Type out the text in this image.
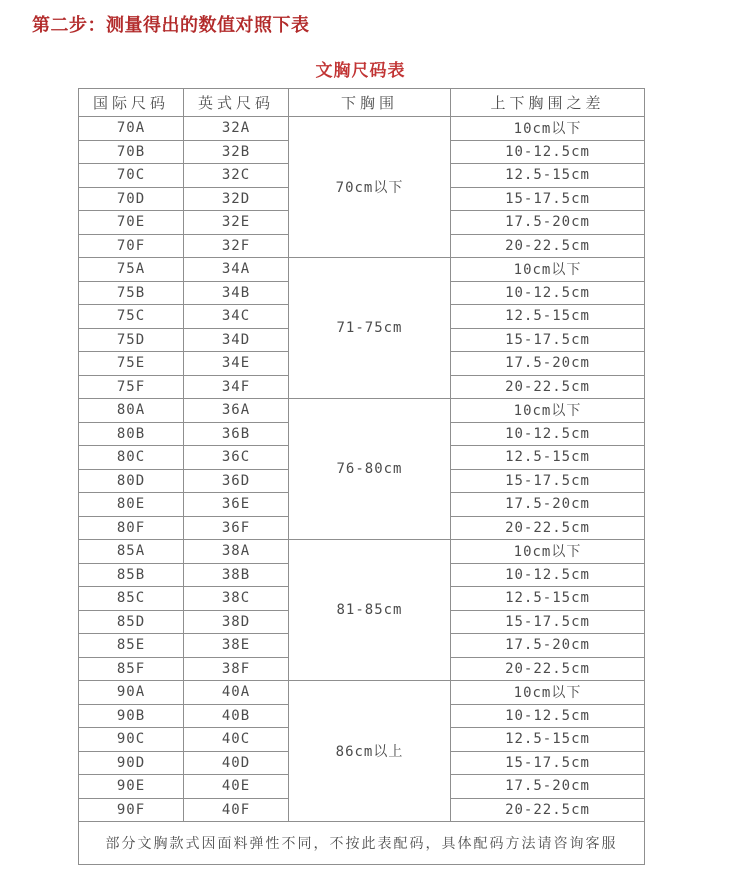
第二步：测量得出的数值对照下表
文胸尺码表
国际尺码	英式尺码	下胸围	上下胸围之差
70A	32A	70cm以下	10cm以下
70B	32B		10-12.5cm
70C	32C		12.5-15cm
70D	32D		15-17.5cm
70E	32E		17.5-20cm
70F	32F		20-22.5cm
75A	34A	71-75cm	10cm以下
75B	34B		10-12.5cm
75C	34C		12.5-15cm
75D	34D		15-17.5cm
75E	34E		17.5-20cm
75F	34F		20-22.5cm
80A	36A	76-80cm	10cm以下
80B	36B		10-12.5cm
80C	36C		12.5-15cm
80D	36D		15-17.5cm
80E	36E		17.5-20cm
80F	36F		20-22.5cm
85A	38A	81-85cm	10cm以下
85B	38B		10-12.5cm
85C	38C		12.5-15cm
85D	38D		15-17.5cm
85E	38E		17.5-20cm
85F	38F		20-22.5cm
90A	40A	86cm以上	10cm以下
90B	40B		10-12.5cm
90C	40C		12.5-15cm
90D	40D		15-17.5cm
90E	40E		17.5-20cm
90F	40F		20-22.5cm
部分文胸款式因面料弹性不同，不按此表配码，具体配码方法请咨询客服			
